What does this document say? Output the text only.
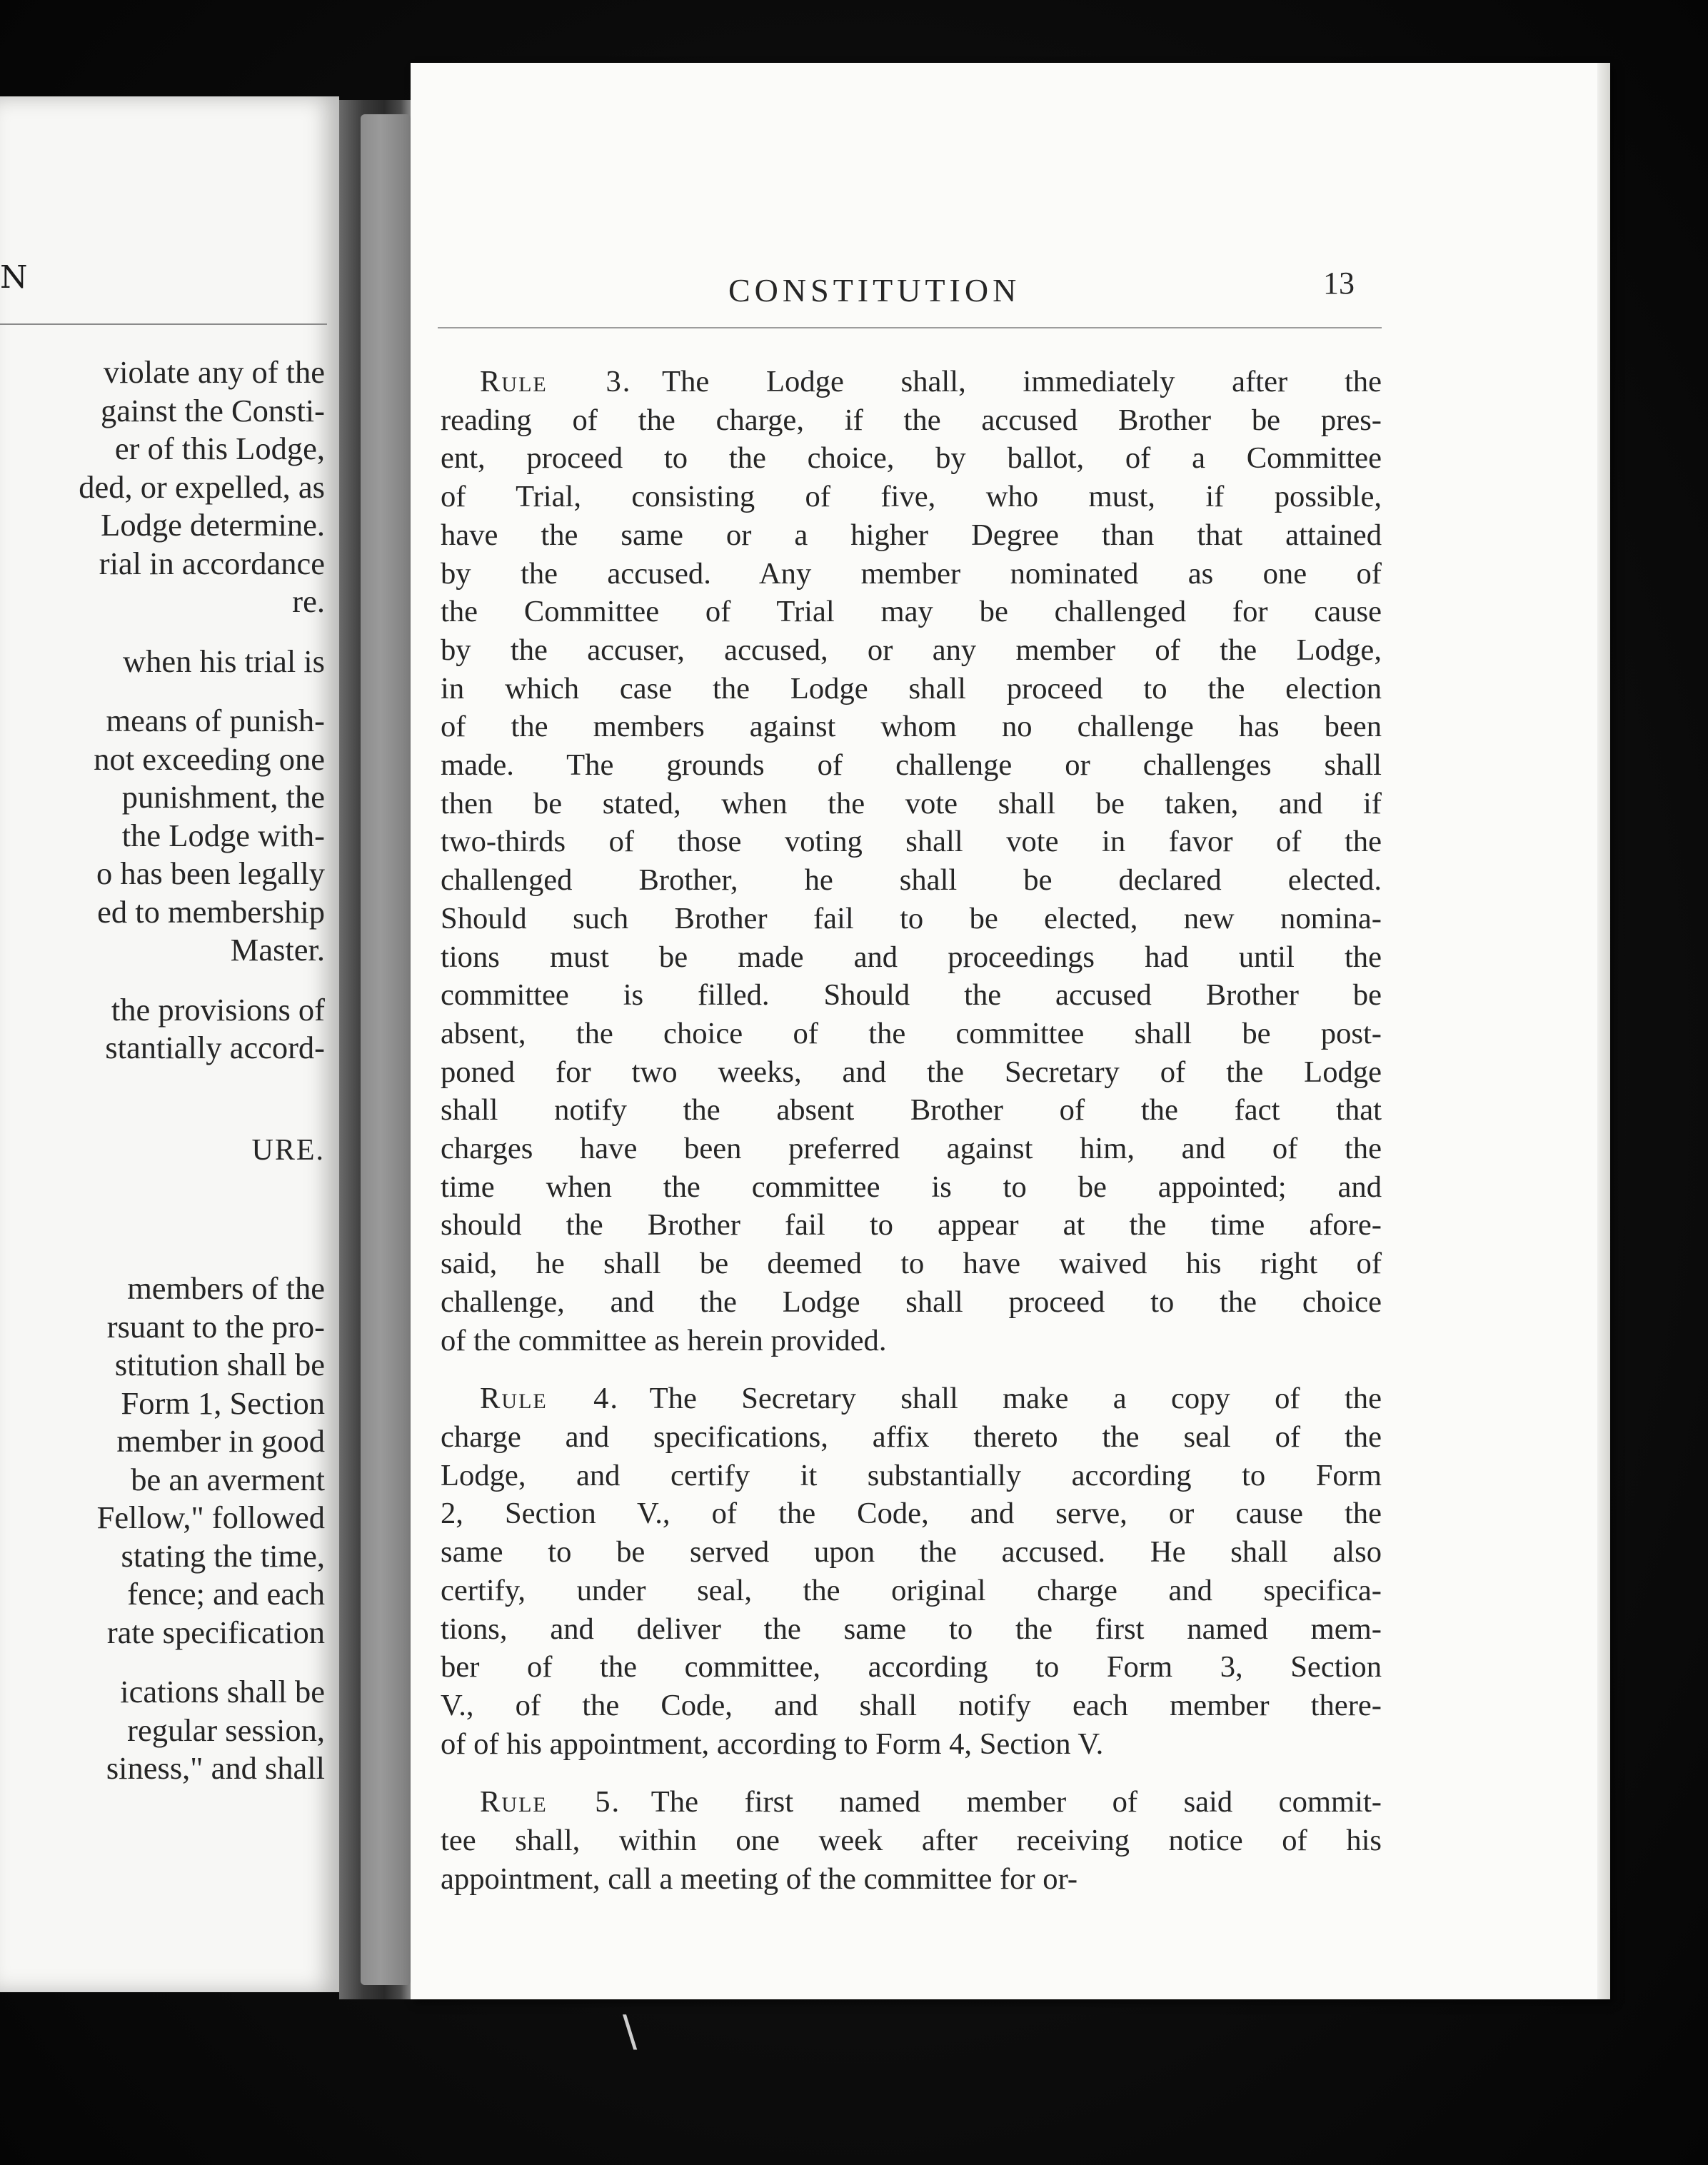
N
violate any of the
gainst the Consti-
er of this Lodge,
ded, or expelled, as
Lodge determine.
rial in accordance
re.
when his trial is
means of punish-
not exceeding one
punishment, the
the Lodge with-
o has been legally
ed to membership
Master.
the provisions of
stantially accord-
URE.
members of the
rsuant to the pro-
stitution shall be
Form 1, Section
member in good
be an averment
Fellow," followed
stating the time,
fence; and each
rate specification
ications shall be
regular session,
siness," and shall
CONSTITUTION	13
Rule 3.  The Lodge shall, immediately after the
reading of the charge, if the accused Brother be pres-
ent, proceed to the choice, by ballot, of a Committee
of Trial, consisting of five, who must, if possible,
have the same or a higher Degree than that attained
by the accused. Any member nominated as one of
the Committee of Trial may be challenged for cause
by the accuser, accused, or any member of the Lodge,
in which case the Lodge shall proceed to the election
of the members against whom no challenge has been
made. The grounds of challenge or challenges shall
then be stated, when the vote shall be taken, and if
two-thirds of those voting shall vote in favor of the
challenged Brother, he shall be declared elected.
Should such Brother fail to be elected, new nomina-
tions must be made and proceedings had until the
committee is filled. Should the accused Brother be
absent, the choice of the committee shall be post-
poned for two weeks, and the Secretary of the Lodge
shall notify the absent Brother of the fact that
charges have been preferred against him, and of the
time when the committee is to be appointed; and
should the Brother fail to appear at the time afore-
said, he shall be deemed to have waived his right of
challenge, and the Lodge shall proceed to the choice
of the committee as herein provided.
Rule 4.  The Secretary shall make a copy of the
charge and specifications, affix thereto the seal of the
Lodge, and certify it substantially according to Form
2, Section V., of the Code, and serve, or cause the
same to be served upon the accused. He shall also
certify, under seal, the original charge and specifica-
tions, and deliver the same to the first named mem-
ber of the committee, according to Form 3, Section
V., of the Code, and shall notify each member there-
of of his appointment, according to Form 4, Section V.
Rule 5.  The first named member of said commit-
tee shall, within one week after receiving notice of his
appointment, call a meeting of the committee for or-
\
